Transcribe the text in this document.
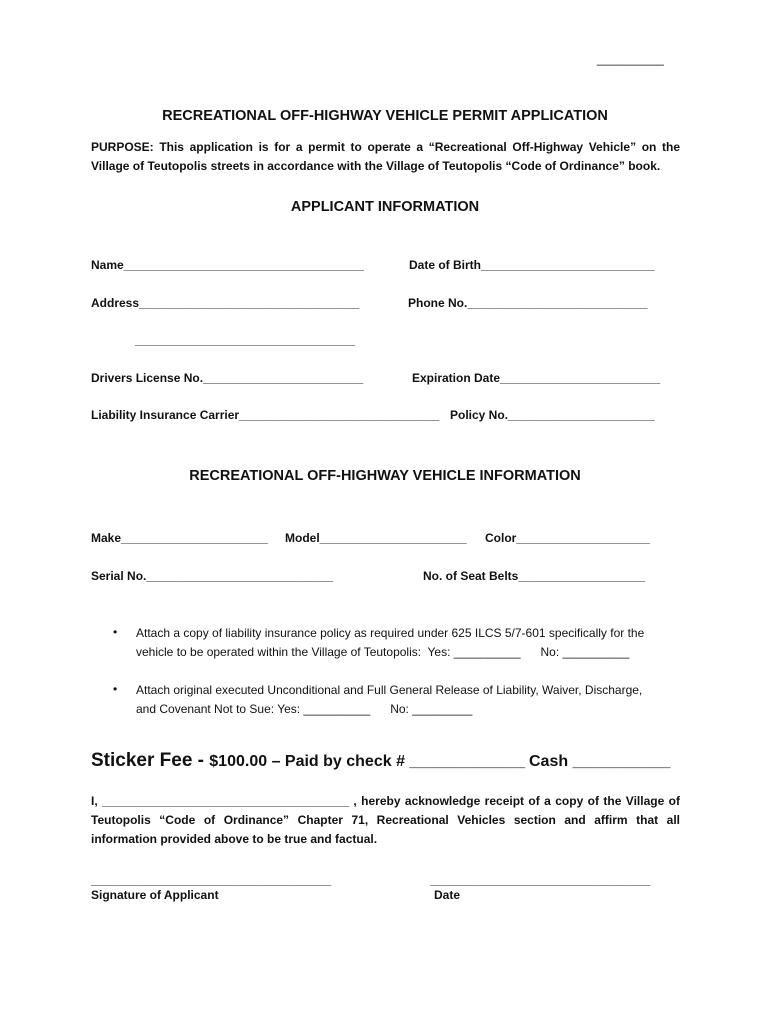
__________
RECREATIONAL OFF-HIGHWAY VEHICLE PERMIT APPLICATION
PURPOSE: This application is for a permit to operate a “Recreational Off-Highway Vehicle” on the Village of Teutopolis streets in accordance with the Village of Teutopolis “Code of Ordinance” book.
APPLICANT INFORMATION
Name____________________________________	Date of Birth__________________________
Address_________________________________	Phone No.___________________________
_________________________________
Drivers License No.________________________	Expiration Date________________________
Liability Insurance Carrier______________________________ Policy No.______________________
RECREATIONAL OFF-HIGHWAY VEHICLE INFORMATION
Make______________________ Model______________________ Color____________________
Serial No.____________________________	No. of Seat Belts___________________
• Attach a copy of liability insurance policy as required under 625 ILCS 5/7-601 specifically for the
vehicle to be operated within the Village of Teutopolis:  Yes: __________      No: __________
• Attach original executed Unconditional and Full General Release of Liability, Waiver, Discharge,
and Covenant Not to Sue: Yes: __________      No: _________
Sticker Fee - $100.00 – Paid by check # _____________ Cash ___________
I, _____________________________________ , hereby acknowledge receipt of a copy of the Village of Teutopolis “Code of Ordinance” Chapter 71, Recreational Vehicles section and affirm that all information provided above to be true and factual.
____________________________________
Signature of Applicant
_________________________________
Date
